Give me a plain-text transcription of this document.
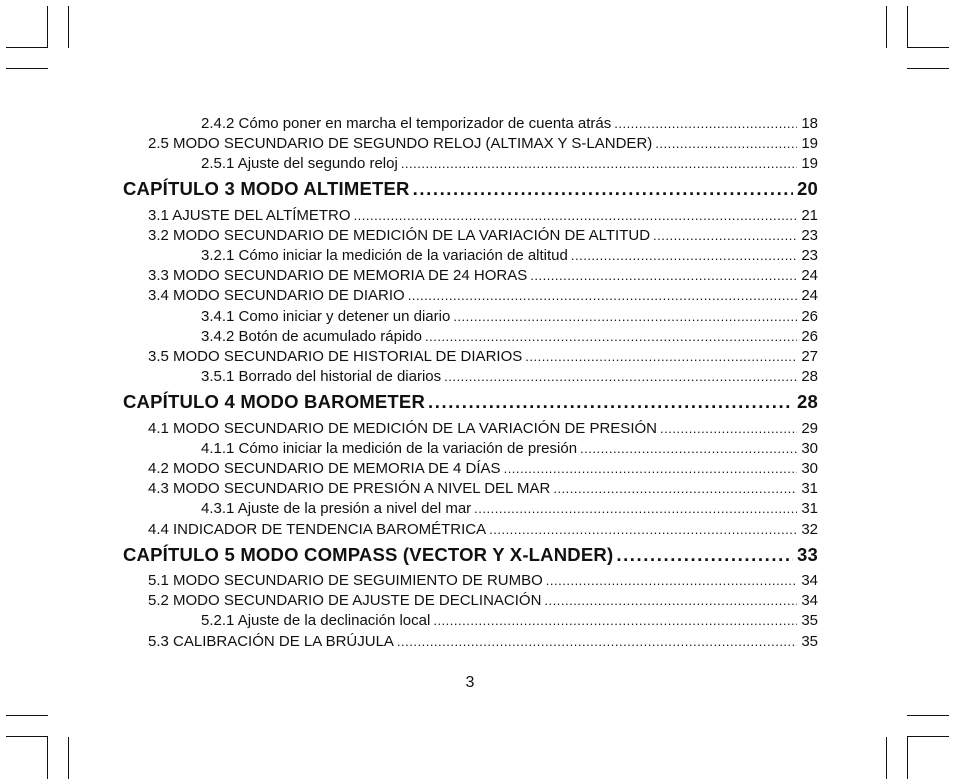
2.4.2 Cómo poner en marcha el temporizador de cuenta atrás .....	18
2.5 MODO SECUNDARIO DE SEGUNDO RELOJ (ALTIMAX Y S-LANDER) .....	19
2.5.1 Ajuste del segundo reloj .....	19
CAPÍTULO 3 MODO ALTIMETER .....	20
3.1 AJUSTE DEL ALTÍMETRO .....	21
3.2 MODO SECUNDARIO DE MEDICIÓN DE LA VARIACIÓN DE ALTITUD .....	23
3.2.1 Cómo iniciar la medición de la variación de altitud .....	23
3.3 MODO SECUNDARIO DE MEMORIA DE 24 HORAS .....	24
3.4 MODO SECUNDARIO DE DIARIO .....	24
3.4.1 Como iniciar y detener un diario .....	26
3.4.2 Botón de acumulado rápido .....	26
3.5 MODO SECUNDARIO DE HISTORIAL DE DIARIOS .....	27
3.5.1 Borrado del historial de diarios .....	28
CAPÍTULO 4 MODO BAROMETER .....	28
4.1 MODO SECUNDARIO DE MEDICIÓN DE LA VARIACIÓN DE PRESIÓN .....	29
4.1.1 Cómo iniciar la medición de la variación de presión .....	30
4.2 MODO SECUNDARIO DE MEMORIA DE 4 DÍAS .....	30
4.3 MODO SECUNDARIO DE PRESIÓN A NIVEL DEL MAR .....	31
4.3.1 Ajuste de la presión a nivel del mar .....	31
4.4 INDICADOR DE TENDENCIA BAROMÉTRICA .....	32
CAPÍTULO 5 MODO COMPASS (VECTOR Y X-LANDER) .....	33
5.1 MODO SECUNDARIO DE SEGUIMIENTO DE RUMBO .....	34
5.2 MODO SECUNDARIO DE AJUSTE DE DECLINACIÓN .....	34
5.2.1 Ajuste de la declinación local .....	35
5.3 CALIBRACIÓN DE LA BRÚJULA .....	35
3
